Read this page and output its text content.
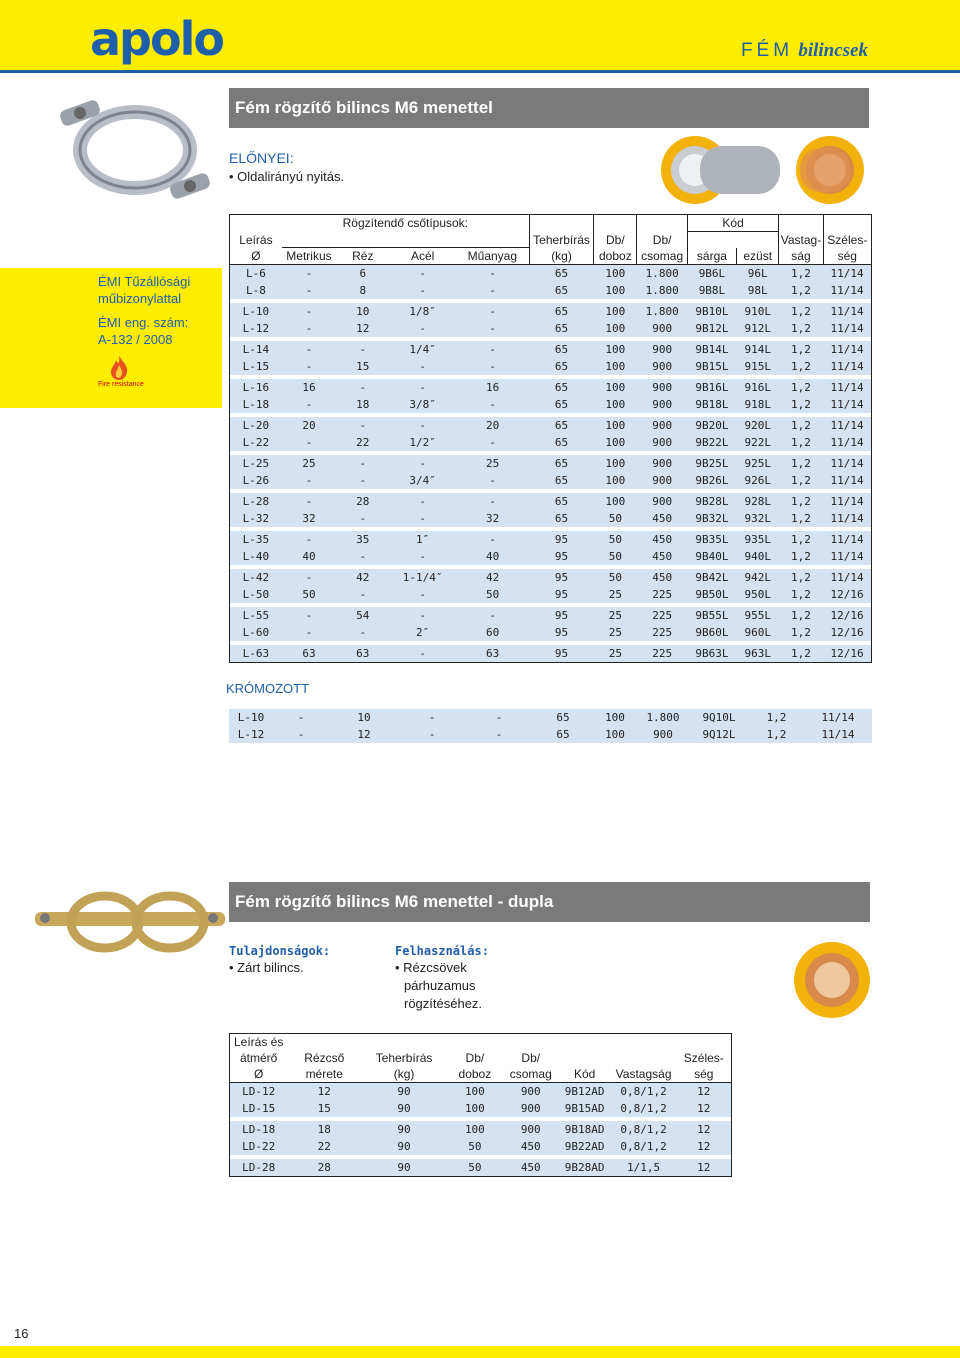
apolo	FÉM bilincsek
Fém rögzítő bilincs M6 menettel
ELŐNYEI:
• Oldalirányú nyitás.
ÉMI Tűzállósági
műbizonylattal
ÉMI eng. szám:
A-132 / 2008
Fire resistance
	Rögzítendő csőtípusok:							Kód			
Leírás					Teherbírás	Db/	Db/			Vastag-	Széles-
Ø	Metrikus	Réz	Acél	Műanyag	(kg)	doboz	csomag	sárga	ezüst	ság	ség
L-6	-	6	-	-	65	100	1.800	9B6L	96L	1,2	11/14
L-8	-	8	-	-	65	100	1.800	9B8L	98L	1,2	11/14

L-10	-	10	1/8″	-	65	100	1.800	9B10L	910L	1,2	11/14
L-12	-	12	-	-	65	100	900	9B12L	912L	1,2	11/14

L-14	-	-	1/4″	-	65	100	900	9B14L	914L	1,2	11/14
L-15	-	15	-	-	65	100	900	9B15L	915L	1,2	11/14

L-16	16	-	-	16	65	100	900	9B16L	916L	1,2	11/14
L-18	-	18	3/8″	-	65	100	900	9B18L	918L	1,2	11/14

L-20	20	-	-	20	65	100	900	9B20L	920L	1,2	11/14
L-22	-	22	1/2″	-	65	100	900	9B22L	922L	1,2	11/14

L-25	25	-	-	25	65	100	900	9B25L	925L	1,2	11/14
L-26	-	-	3/4″	-	65	100	900	9B26L	926L	1,2	11/14

L-28	-	28	-	-	65	100	900	9B28L	928L	1,2	11/14
L-32	32	-	-	32	65	50	450	9B32L	932L	1,2	11/14

L-35	-	35	1″	-	95	50	450	9B35L	935L	1,2	11/14
L-40	40	-	-	40	95	50	450	9B40L	940L	1,2	11/14

L-42	-	42	1-1/4″	42	95	50	450	9B42L	942L	1,2	11/14
L-50	50	-	-	50	95	25	225	9B50L	950L	1,2	12/16

L-55	-	54	-	-	95	25	225	9B55L	955L	1,2	12/16
L-60	-	-	2″	60	95	25	225	9B60L	960L	1,2	12/16

L-63	63	63	-	63	95	25	225	9B63L	963L	1,2	12/16
KRÓMOZOTT
L-10	-	10	-	-	65	100	1.800	9Q10L	1,2	11/14
L-12	-	12	-	-	65	100	900	9Q12L	1,2	11/14
Fém rögzítő bilincs M6 menettel - dupla
Tulajdonságok:
• Zárt bilincs.
Felhasználás:
• Rézcsövek
párhuzamus
rögzítéséhez.
Leírás és							
átmérő	Rézcső	Teherbírás	Db/	Db/			Széles-
Ø	mérete	(kg)	doboz	csomag	Kód	Vastagság	ség
LD-12	12	90	100	900	9B12AD	0,8/1,2	12
LD-15	15	90	100	900	9B15AD	0,8/1,2	12

LD-18	18	90	100	900	9B18AD	0,8/1,2	12
LD-22	22	90	50	450	9B22AD	0,8/1,2	12

LD-28	28	90	50	450	9B28AD	1/1,5	12
16
